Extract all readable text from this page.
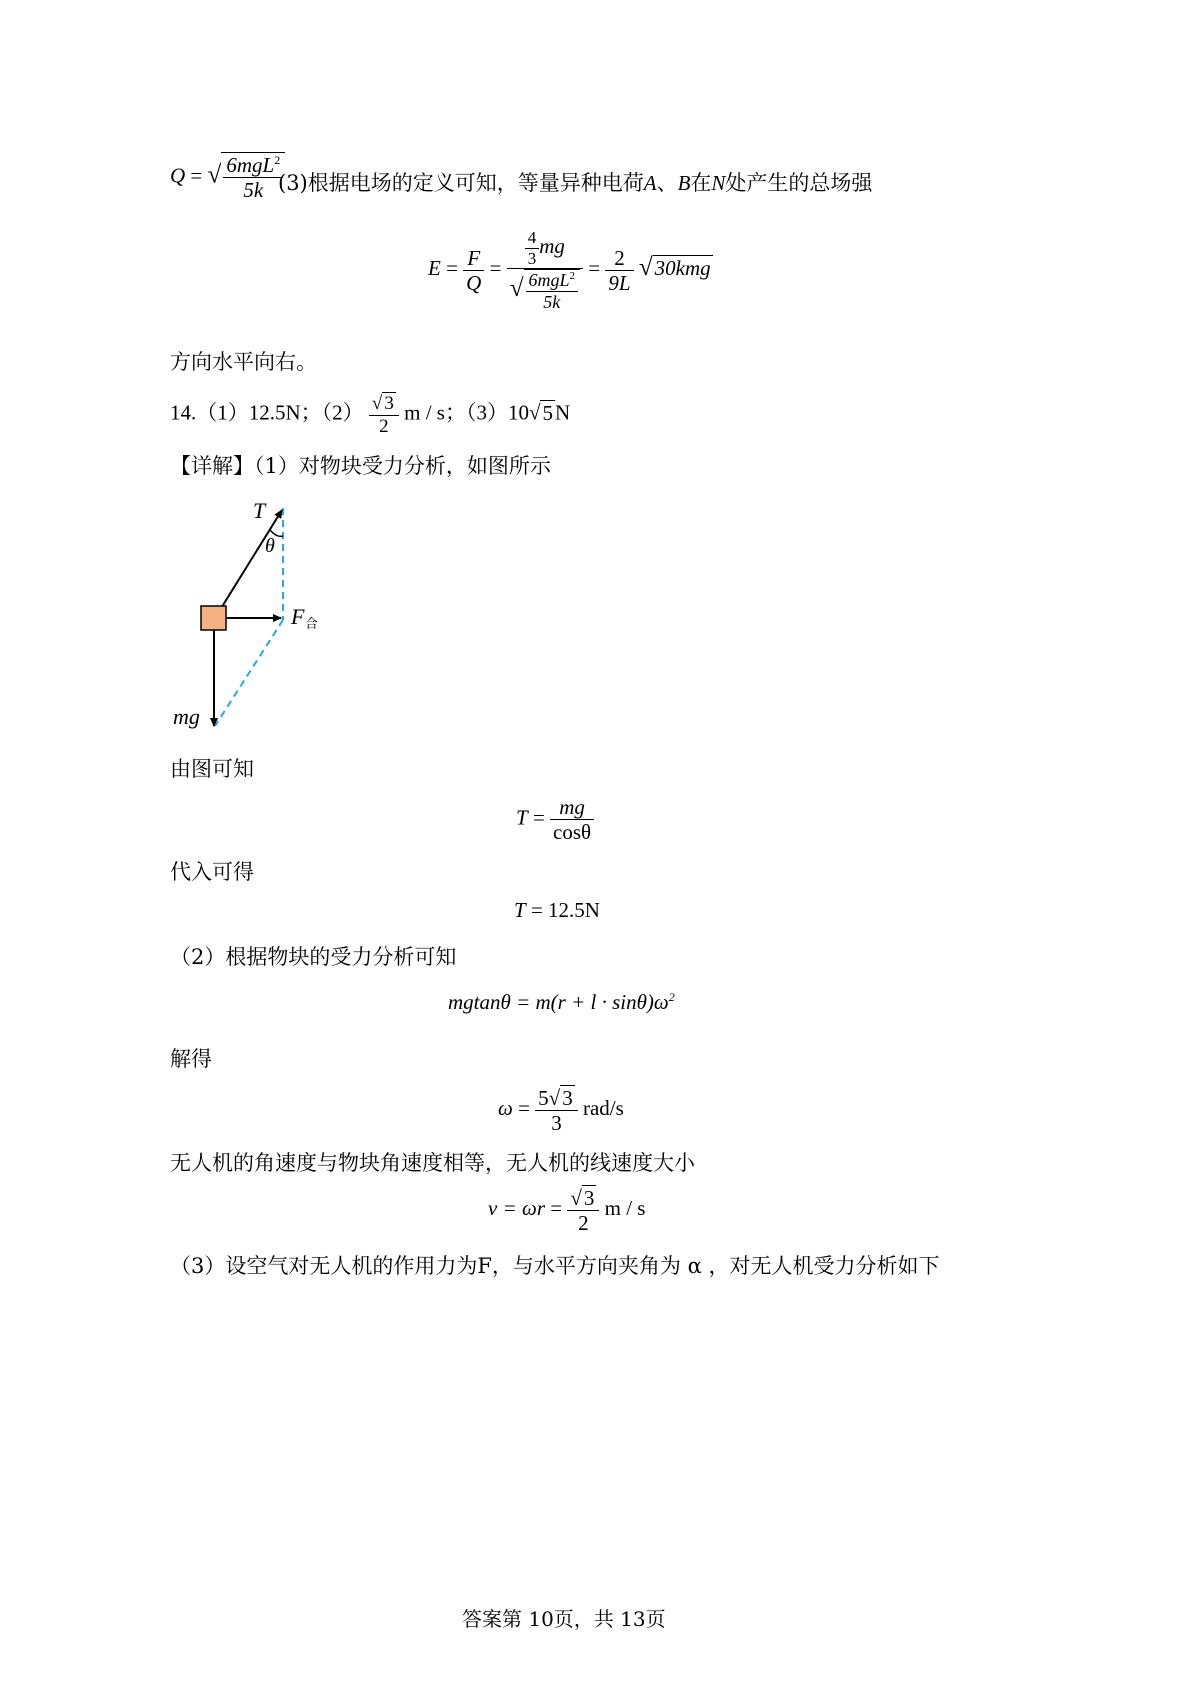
Q = √ $\frac{6mgL^2}{5k}$
(3)根据电场的定义可知，等量异种电荷A、B在N处产生的总场强
$E = \frac{F}{Q} = \frac{\frac{4}{3} mg}{√ \frac{6mgL^2}{5k}} = \frac{2}{9L} √30kmg$
方向水平向右。
14.（1）12.5N；$(2) \frac{√ 3}{2}$ m / s；（3）10√5N
【详解】（1）对物块受力分析，如图所示
T
θ
F 合
mg
由图可知
$T = \frac{mg}{\cos\theta}$
代入可得
T = 12.5N
（2）根据物块的受力分析可知
$mgtan\theta = m(r + l \cdot \sin\theta)\omega^2$
解得
$\omega = \frac{5√3}{3} rad/s$
无人机的角速度与物块角速度相等，无人机的线速度大小
$v = \omega r = \frac{√3}{2}$ m / s
（3）设空气对无人机的作用力为F，与水平方向夹角为 α ，对无人机受力分析如下
答案第 10页，共 13页
